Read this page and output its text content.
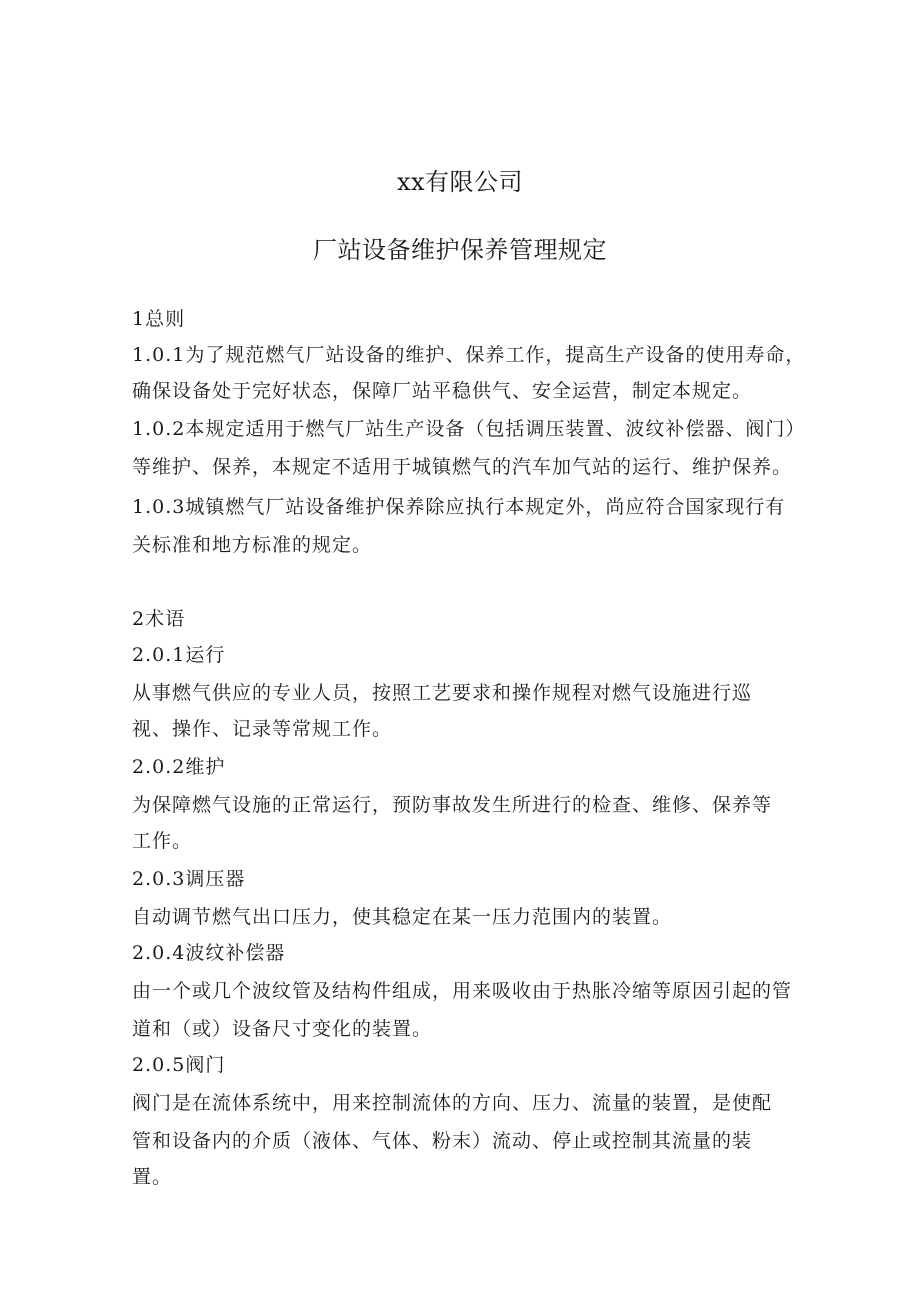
xx有限公司
厂站设备维护保养管理规定
1总则
1.0.1为了规范燃气厂站设备的维护、保养工作，提高生产设备的使用寿命，
确保设备处于完好状态，保障厂站平稳供气、安全运营，制定本规定。
1.0.2本规定适用于燃气厂站生产设备（包括调压装置、波纹补偿器、阀门）
等维护、保养，本规定不适用于城镇燃气的汽车加气站的运行、维护保养。
1.0.3城镇燃气厂站设备维护保养除应执行本规定外，尚应符合国家现行有
关标准和地方标准的规定。
2术语
2.0.1运行
从事燃气供应的专业人员，按照工艺要求和操作规程对燃气设施进行巡
视、操作、记录等常规工作。
2.0.2维护
为保障燃气设施的正常运行，预防事故发生所进行的检查、维修、保养等
工作。
2.0.3调压器
自动调节燃气出口压力，使其稳定在某一压力范围内的装置。
2.0.4波纹补偿器
由一个或几个波纹管及结构件组成，用来吸收由于热胀冷缩等原因引起的管
道和（或）设备尺寸变化的装置。
2.0.5阀门
阀门是在流体系统中，用来控制流体的方向、压力、流量的装置，是使配
管和设备内的介质（液体、气体、粉末）流动、停止或控制其流量的装
置。
